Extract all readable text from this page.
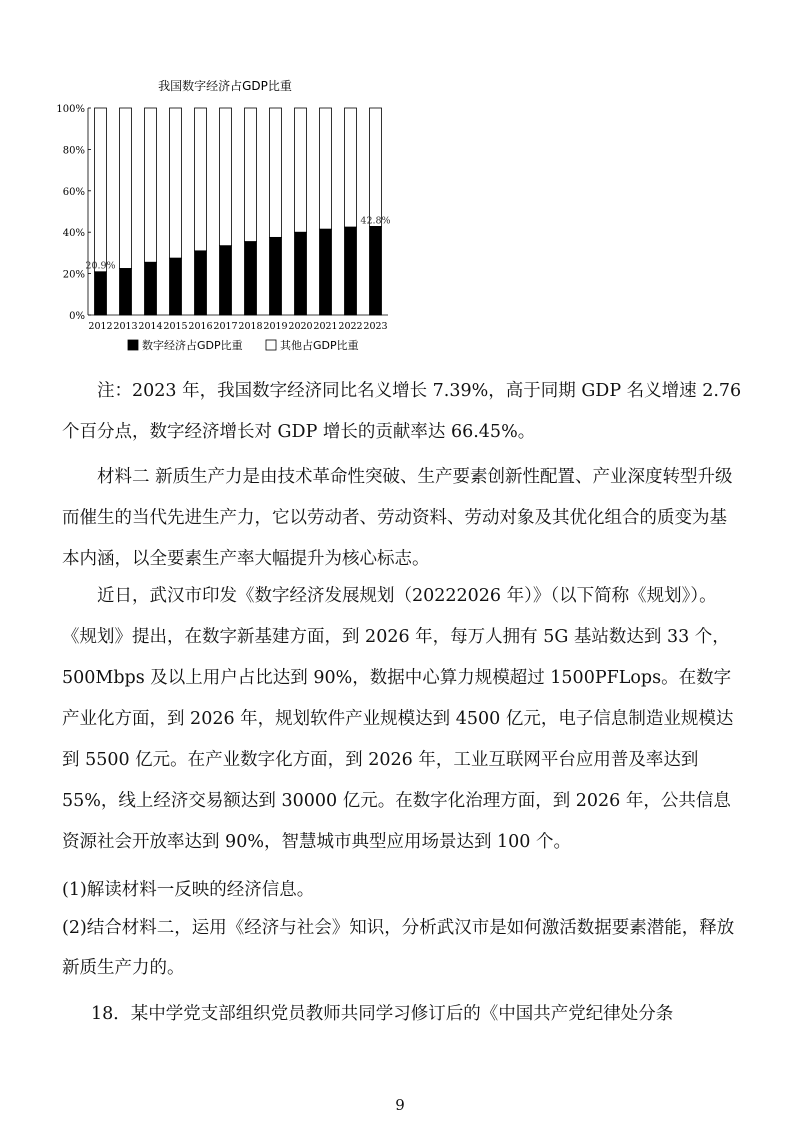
我国数字经济占GDP比重
0%
20%
40%
60%
80%
100%
2012 2013 2014 2015 2016 2017 2018 2019 2020 2021 2022 2023
20.9%
42.8%
数字经济占GDP比重	其他占GDP比重
注：2023 年，我国数字经济同比名义增长 7.39%，高于同期 GDP 名义增速 2.76 个百分点，数字经济增长对 GDP 增长的贡献率达 66.45%。
材料二 新质生产力是由技术革命性突破、生产要素创新性配置、产业深度转型升级而催生的当代先进生产力，它以劳动者、劳动资料、劳动对象及其优化组合的质变为基本内涵，以全要素生产率大幅提升为核心标志。
近日，武汉市印发《数字经济发展规划（20222026 年）》（以下简称《规划》）。《规划》提出，在数字新基建方面，到 2026 年，每万人拥有 5G 基站数达到 33 个，500Mbps 及以上用户占比达到 90%，数据中心算力规模超过 1500PFLops。在数字产业化方面，到 2026 年，规划软件产业规模达到 4500 亿元，电子信息制造业规模达到 5500 亿元。在产业数字化方面，到 2026 年，工业互联网平台应用普及率达到 55%，线上经济交易额达到 30000 亿元。在数字化治理方面，到 2026 年，公共信息资源社会开放率达到 90%，智慧城市典型应用场景达到 100 个。
(1)解读材料一反映的经济信息。
(2)结合材料二，运用《经济与社会》知识，分析武汉市是如何激活数据要素潜能，释放新质生产力的。
18．某中学党支部组织党员教师共同学习修订后的《中国共产党纪律处分条
9
